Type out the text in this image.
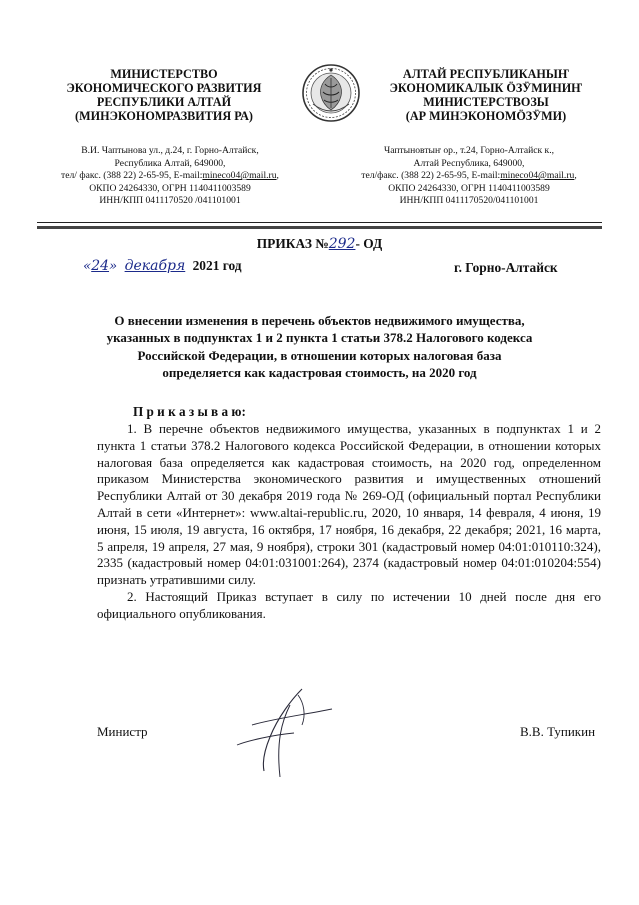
МИНИСТЕРСТВО
ЭКОНОМИЧЕСКОГО РАЗВИТИЯ
РЕСПУБЛИКИ АЛТАЙ
(МИНЭКОНОМРАЗВИТИЯ РА)
АЛТАЙ РЕСПУБЛИКАНЫҤ
ЭКОНОМИКАЛЫК ӦЗӰМИНИҤ
МИНИСТЕРСТВОЗЫ
(АР МИНЭКОНОМӦЗӰМИ)
В.И. Чаптынова ул., д.24, г. Горно-Алтайск,
Республика Алтай, 649000,
тел/ факс. (388 22) 2-65-95, E-mail:mineco04@mail.ru,
ОКПО 24264330, ОГРН 1140411003589
ИНН/КПП 0411170520 /041101001
Чаптыновтыҥ ор., т.24, Горно-Алтайск к.,
Алтай Республика, 649000,
тел/факс. (388 22) 2-65-95, E-mail:mineco04@mail.ru,
ОКПО 24264330, ОГРН 1140411003589
ИНН/КПП 0411170520/041101001
ПРИКАЗ №292- ОД
«24» декабря 2021 год	г. Горно-Алтайск
О внесении изменения в перечень объектов недвижимого имущества,
указанных в подпунктах 1 и 2 пункта 1 статьи 378.2 Налогового кодекса
Российской Федерации, в отношении которых налоговая база
определяется как кадастровая стоимость, на 2020 год
П р и к а з ы в а ю:

1. В перечне объектов недвижимого имущества, указанных в подпунктах 1 и 2 пункта 1 статьи 378.2 Налогового кодекса Российской Федерации, в отношении которых налоговая база определяется как кадастровая стоимость, на 2020 год, определенном приказом Министерства экономического развития и имущественных отношений Республики Алтай от 30 декабря 2019 года № 269-ОД (официальный портал Республики Алтай в сети «Интернет»: www.altai-republic.ru, 2020, 10 января, 14 февраля, 4 июня, 19 июня, 15 июля, 19 августа, 16 октября, 17 ноября, 16 декабря, 22 декабря; 2021, 16 марта, 5 апреля, 19 апреля, 27 мая, 9 ноября), строки 301 (кадастровый номер 04:01:010110:324), 2335 (кадастровый номер 04:01:031001:264), 2374 (кадастровый номер 04:01:010204:554) признать утратившими силу.

2. Настоящий Приказ вступает в силу по истечении 10 дней после дня его официального опубликования.

Министр	В.В. Тупикин
